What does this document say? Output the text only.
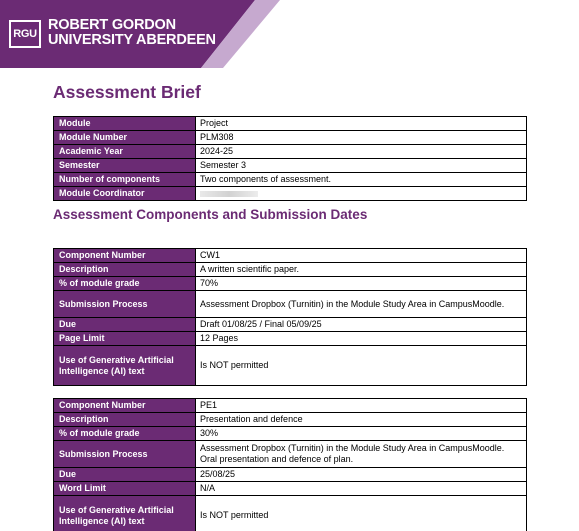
RGU
ROBERT GORDON
UNIVERSITY ABERDEEN
Assessment Brief
Module	Project
Module Number	PLM308
Academic Year	2024-25
Semester	Semester 3
Number of components	Two components of assessment.
Module Coordinator	
Assessment Components and Submission Dates
Component Number	CW1
Description	A written scientific paper.
% of module grade	70%
Submission Process	Assessment Dropbox (Turnitin) in the Module Study Area in CampusMoodle.
Due	Draft 01/08/25 / Final 05/09/25
Page Limit	12 Pages
Use of Generative Artificial Intelligence (AI) text	Is NOT permitted
Component Number	PE1
Description	Presentation and defence
% of module grade	30%
Submission Process	Assessment Dropbox (Turnitin) in the Module Study Area in CampusMoodle. Oral presentation and defence of plan.
Due	25/08/25
Word Limit	N/A
Use of Generative Artificial Intelligence (AI) text	Is NOT permitted
